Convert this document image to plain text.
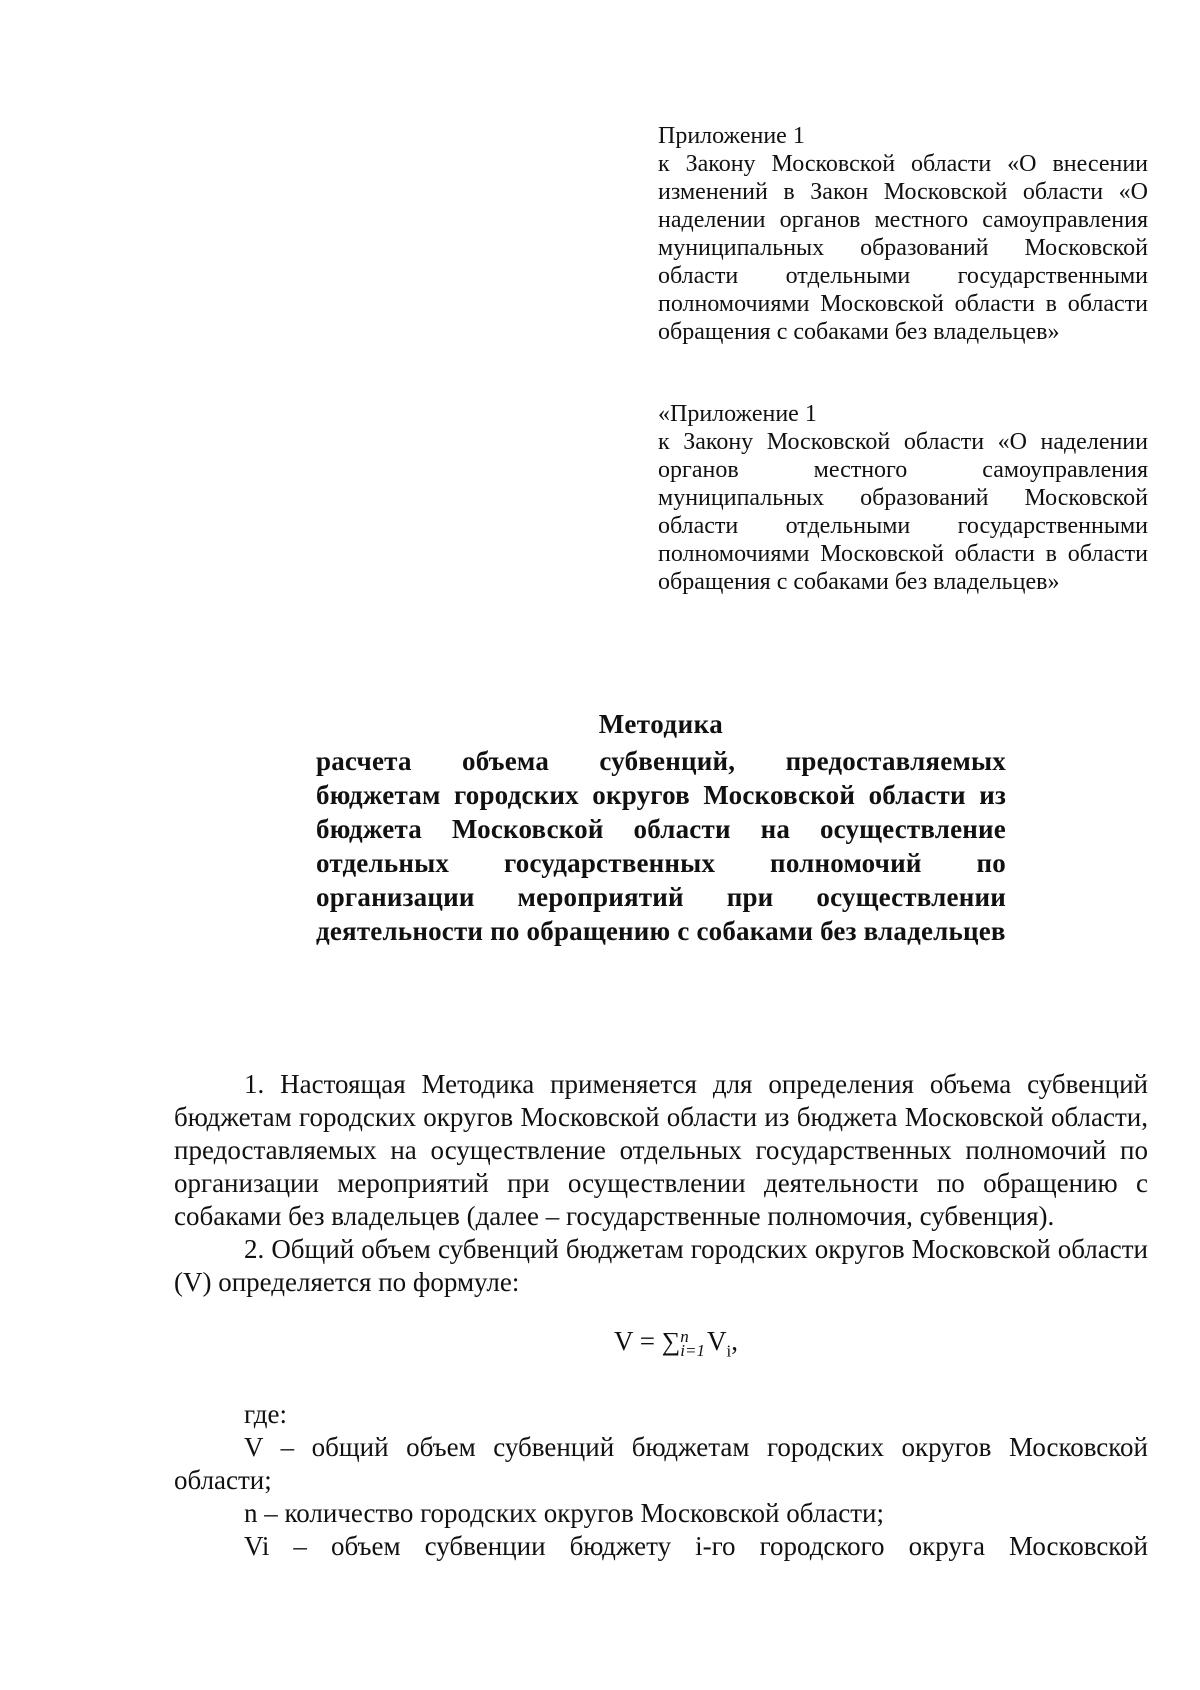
Приложение 1

к Закону Московской области «О внесении изменений в Закон Московской области «О наделении органов местного самоуправления муниципальных образований Московской области отдельными государственными полномочиями Московской области в области обращения с собаками без владельцев»

«Приложение 1

к Закону Московской области «О наделении органов местного самоуправления муниципальных образований Московской области отдельными государственными полномочиями Московской области в области обращения с собаками без владельцев»

Методика

расчета объема субвенций, предоставляемых бюджетам городских округов Московской области из бюджета Московской области на осуществление отдельных государственных полномочий по организации мероприятий при осуществлении деятельности по обращению с собаками без владельцев

1. Настоящая Методика применяется для определения объема субвенций бюджетам городских округов Московской области из бюджета Московской области, предоставляемых на осуществление отдельных государственных полномочий по организации мероприятий при осуществлении деятельности по обращению с собаками без владельцев (далее – государственные полномочия, субвенция).

2. Общий объем субвенций бюджетам городских округов Московской области (V) определяется по формуле:

V = ∑ n
i=1 $V_i$,

где:

V – общий объем субвенций бюджетам городских округов Московской области;

n – количество городских округов Московской области;

Vi – объем субвенции бюджету i-го городского округа Московской
